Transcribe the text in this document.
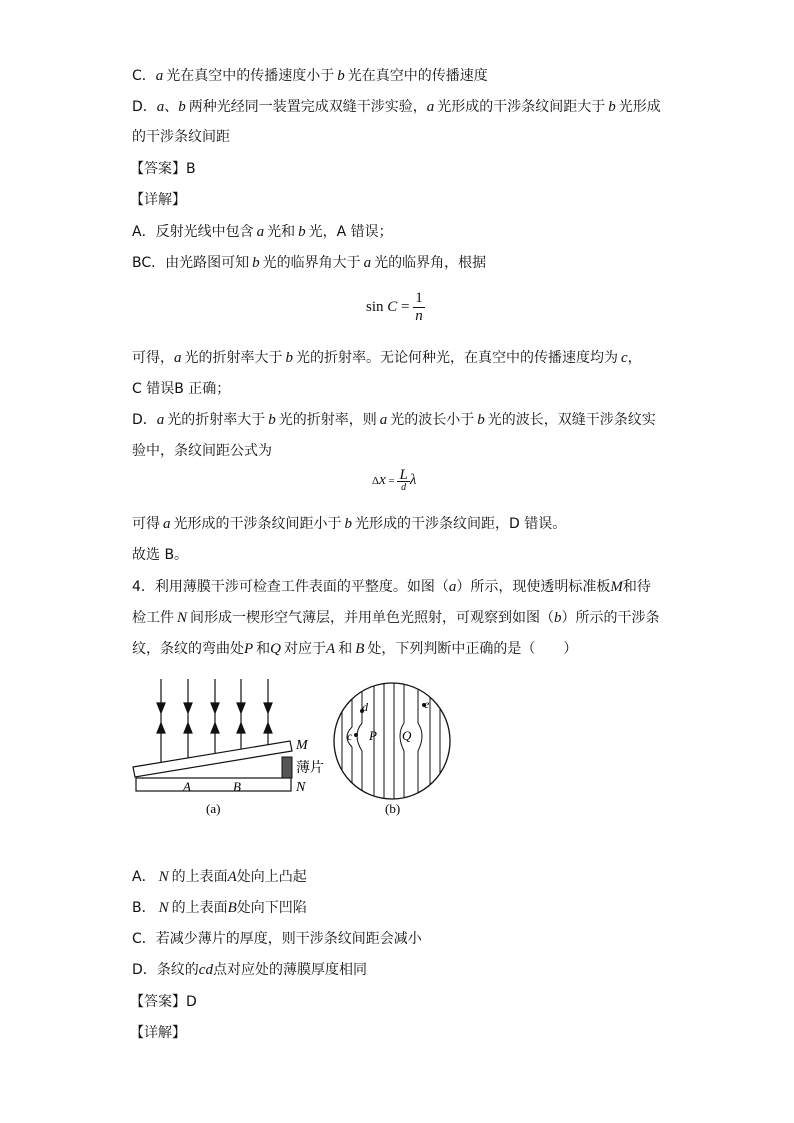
C．a 光在真空中的传播速度小于 b 光在真空中的传播速度
D．a、b 两种光经同一装置完成双缝干涉实验，a 光形成的干涉条纹间距大于 b 光形成
的干涉条纹间距
【答案】B
【详解】
A．反射光线中包含 a 光和 b 光，A 错误；
BC．由光路图可知 b 光的临界角大于 a 光的临界角，根据
$\sin C = \frac{1}{n}$
可得，a 光的折射率大于 b 光的折射率。无论何种光，在真空中的传播速度均为 c，
C 错误B 正确；
D．a 光的折射率大于 b 光的折射率，则 a 光的波长小于 b 光的波长，双缝干涉条纹实
验中，条纹间距公式为
$\Delta x = \frac{L}{d}$ λ
可得 a 光形成的干涉条纹间距小于 b 光形成的干涉条纹间距，D 错误。
故选 B。
4．利用薄膜干涉可检查工件表面的平整度。如图（a）所示，现使透明标准板M和待
检工件 N 间形成一楔形空气薄层，并用单色光照射，可观察到如图（b）所示的干涉条
纹，条纹的弯曲处P 和Q 对应于A 和 B 处，下列判断中正确的是（　　）
M
薄片
N
A	B
(a)
d
c P Q
e
(b)
A． N 的上表面A处向上凸起
B． N 的上表面B处向下凹陷
C．若减少薄片的厚度，则干涉条纹间距会减小
D．条纹的cd点对应处的薄膜厚度相同
【答案】D
【详解】
